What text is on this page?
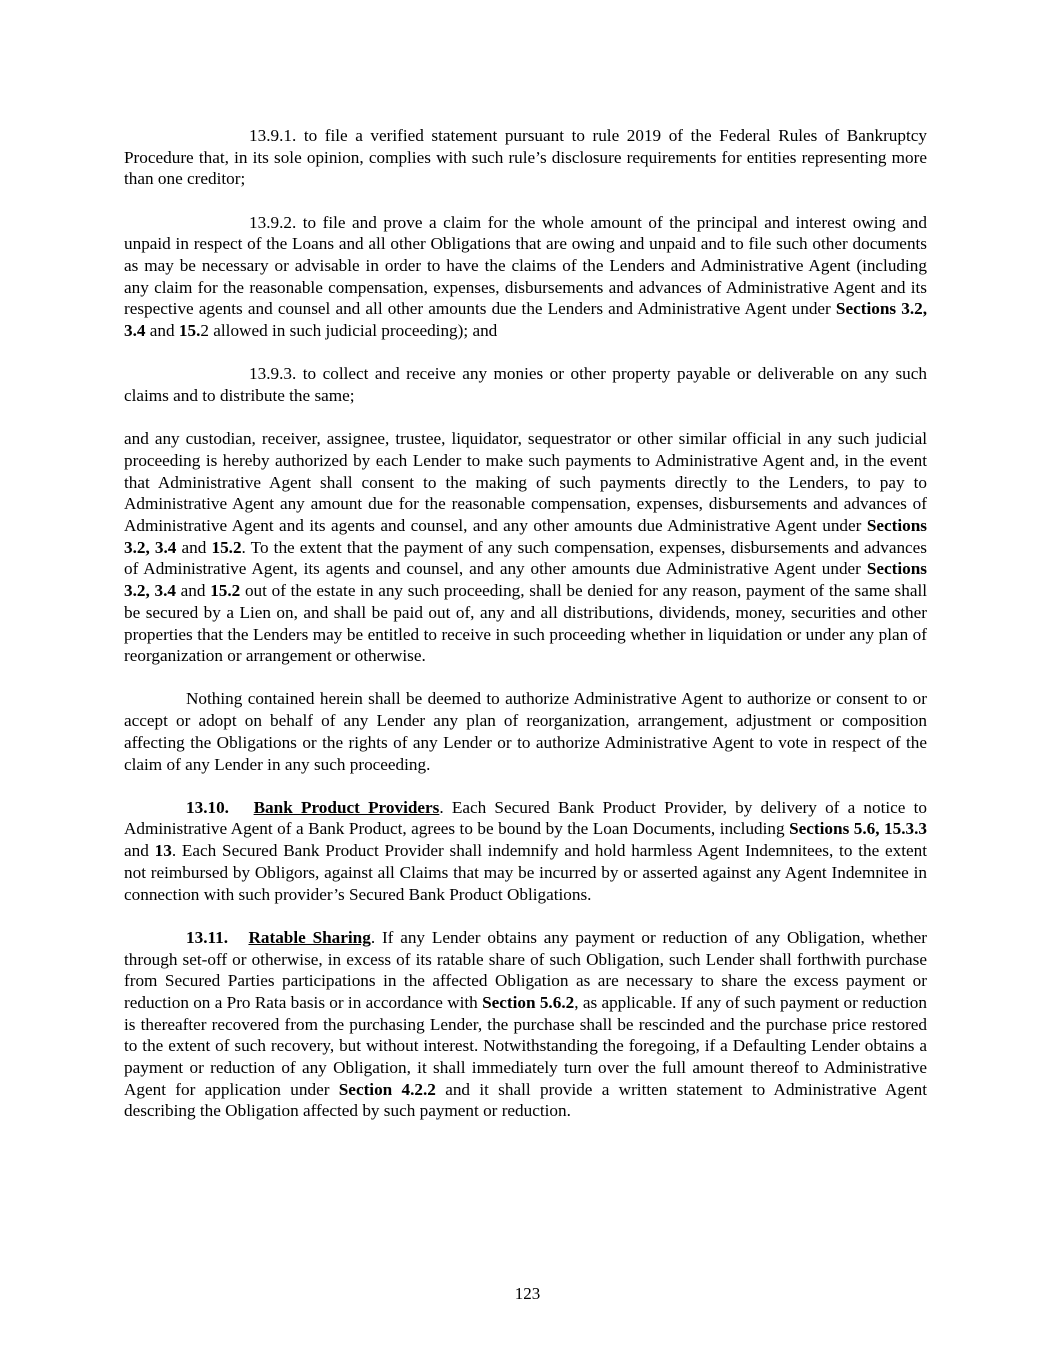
13.9.1. to file a verified statement pursuant to rule 2019 of the Federal Rules of Bankruptcy Procedure that, in its sole opinion, complies with such rule’s disclosure requirements for entities representing more than one creditor;

13.9.2. to file and prove a claim for the whole amount of the principal and interest owing and unpaid in respect of the Loans and all other Obligations that are owing and unpaid and to file such other documents as may be necessary or advisable in order to have the claims of the Lenders and Administrative Agent (including any claim for the reasonable compensation, expenses, disbursements and advances of Administrative Agent and its respective agents and counsel and all other amounts due the Lenders and Administrative Agent under Sections 3.2, 3.4 and 15.2 allowed in such judicial proceeding); and

13.9.3. to collect and receive any monies or other property payable or deliverable on any such claims and to distribute the same;

and any custodian, receiver, assignee, trustee, liquidator, sequestrator or other similar official in any such judicial proceeding is hereby authorized by each Lender to make such payments to Administrative Agent and, in the event that Administrative Agent shall consent to the making of such payments directly to the Lenders, to pay to Administrative Agent any amount due for the reasonable compensation, expenses, disbursements and advances of Administrative Agent and its agents and counsel, and any other amounts due Administrative Agent under Sections 3.2, 3.4 and 15.2. To the extent that the payment of any such compensation, expenses, disbursements and advances of Administrative Agent, its agents and counsel, and any other amounts due Administrative Agent under Sections 3.2, 3.4 and 15.2 out of the estate in any such proceeding, shall be denied for any reason, payment of the same shall be secured by a Lien on, and shall be paid out of, any and all distributions, dividends, money, securities and other properties that the Lenders may be entitled to receive in such proceeding whether in liquidation or under any plan of reorganization or arrangement or otherwise.

Nothing contained herein shall be deemed to authorize Administrative Agent to authorize or consent to or accept or adopt on behalf of any Lender any plan of reorganization, arrangement, adjustment or composition affecting the Obligations or the rights of any Lender or to authorize Administrative Agent to vote in respect of the claim of any Lender in any such proceeding.

13.10. Bank Product Providers. Each Secured Bank Product Provider, by delivery of a notice to Administrative Agent of a Bank Product, agrees to be bound by the Loan Documents, including Sections 5.6, 15.3.3 and 13. Each Secured Bank Product Provider shall indemnify and hold harmless Agent Indemnitees, to the extent not reimbursed by Obligors, against all Claims that may be incurred by or asserted against any Agent Indemnitee in connection with such provider’s Secured Bank Product Obligations.

13.11. Ratable Sharing. If any Lender obtains any payment or reduction of any Obligation, whether through set-off or otherwise, in excess of its ratable share of such Obligation, such Lender shall forthwith purchase from Secured Parties participations in the affected Obligation as are necessary to share the excess payment or reduction on a Pro Rata basis or in accordance with Section 5.6.2, as applicable. If any of such payment or reduction is thereafter recovered from the purchasing Lender, the purchase shall be rescinded and the purchase price restored to the extent of such recovery, but without interest. Notwithstanding the foregoing, if a Defaulting Lender obtains a payment or reduction of any Obligation, it shall immediately turn over the full amount thereof to Administrative Agent for application under Section 4.2.2 and it shall provide a written statement to Administrative Agent describing the Obligation affected by such payment or reduction.

123
